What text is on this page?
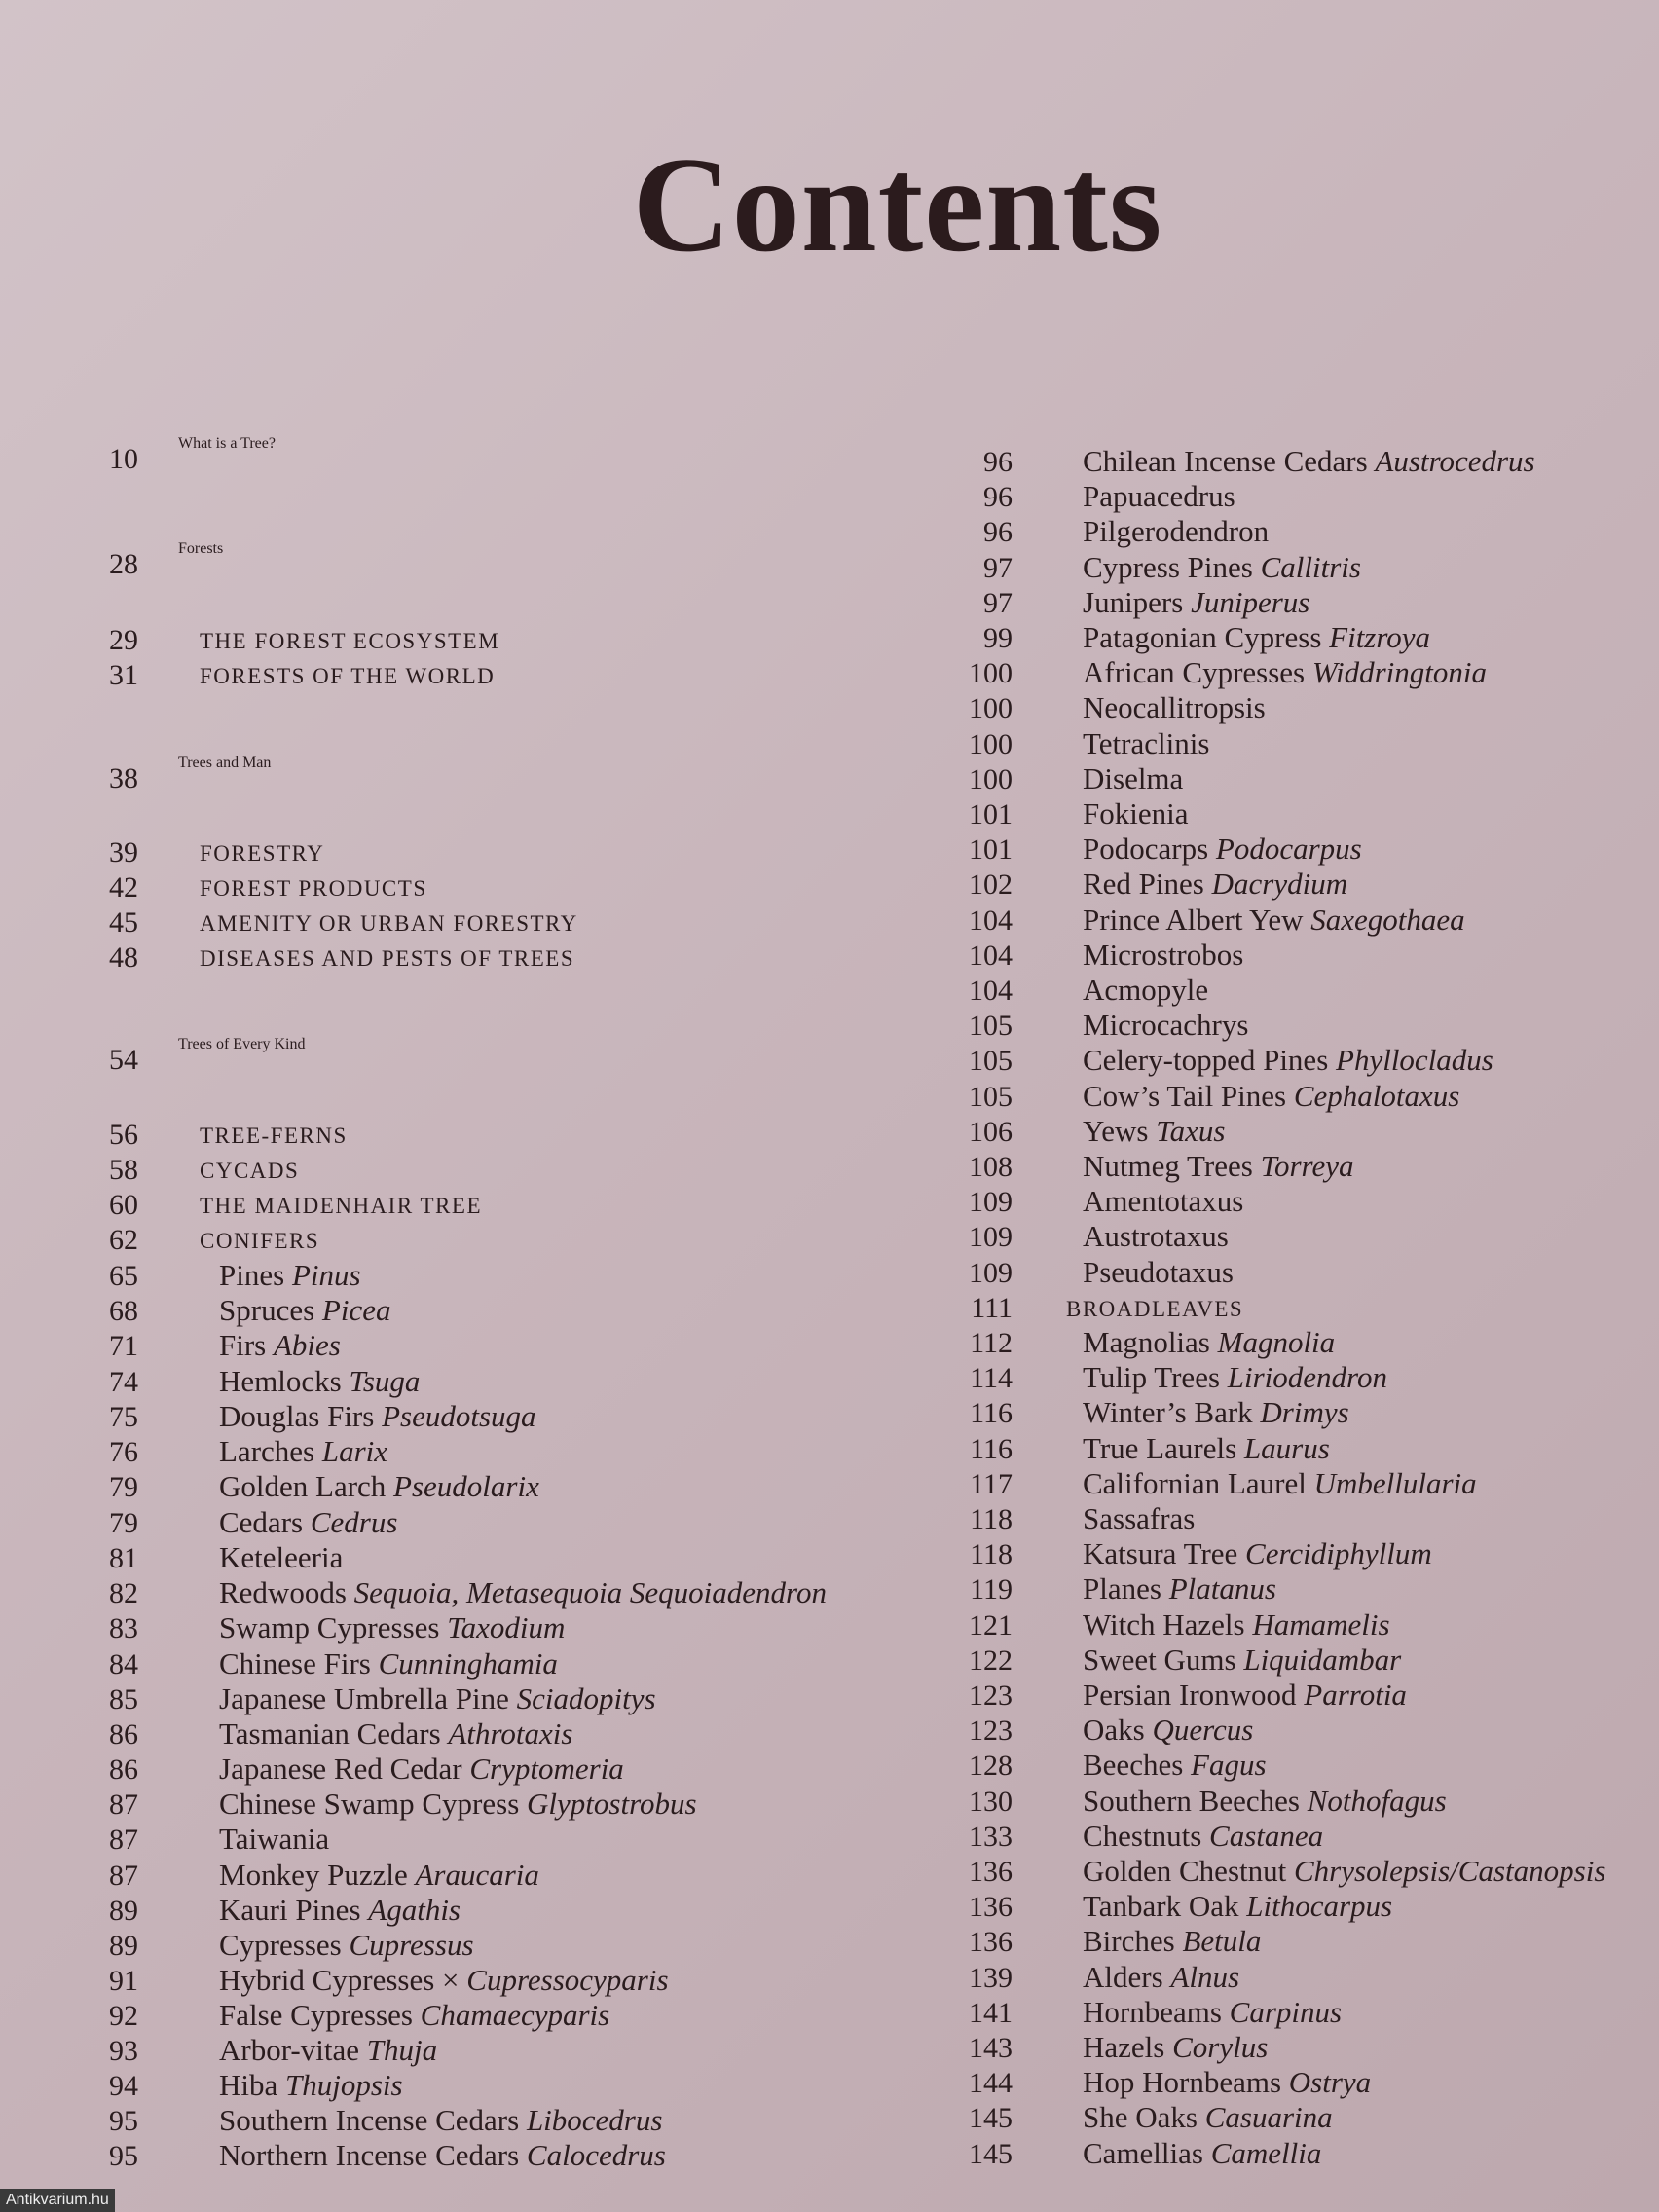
Contents
10	What is a Tree?
28	Forests
29	THE FOREST ECOSYSTEM
31	FORESTS OF THE WORLD
38	Trees and Man
39	FORESTRY
42	FOREST PRODUCTS
45	AMENITY OR URBAN FORESTRY
48	DISEASES AND PESTS OF TREES
54	Trees of Every Kind
56	TREE-FERNS
58	CYCADS
60	THE MAIDENHAIR TREE
62	CONIFERS
65	Pines Pinus
68	Spruces Picea
71	Firs Abies
74	Hemlocks Tsuga
75	Douglas Firs Pseudotsuga
76	Larches Larix
79	Golden Larch Pseudolarix
79	Cedars Cedrus
81	Keteleeria
82	Redwoods Sequoia, Metasequoia Sequoiadendron
83	Swamp Cypresses Taxodium
84	Chinese Firs Cunninghamia
85	Japanese Umbrella Pine Sciadopitys
86	Tasmanian Cedars Athrotaxis
86	Japanese Red Cedar Cryptomeria
87	Chinese Swamp Cypress Glyptostrobus
87	Taiwania
87	Monkey Puzzle Araucaria
89	Kauri Pines Agathis
89	Cypresses Cupressus
91	Hybrid Cypresses × Cupressocyparis
92	False Cypresses Chamaecyparis
93	Arbor-vitae Thuja
94	Hiba Thujopsis
95	Southern Incense Cedars Libocedrus
95	Northern Incense Cedars Calocedrus
96 Chilean Incense Cedars Austrocedrus
96 Papuacedrus
96 Pilgerodendron
97 Cypress Pines Callitris
97 Junipers Juniperus
99 Patagonian Cypress Fitzroya
100 African Cypresses Widdringtonia
100 Neocallitropsis
100 Tetraclinis
100 Diselma
101 Fokienia
101 Podocarps Podocarpus
102 Red Pines Dacrydium
104 Prince Albert Yew Saxegothaea
104 Microstrobos
104 Acmopyle
105 Microcachrys
105 Celery-topped Pines Phyllocladus
105 Cow’s Tail Pines Cephalotaxus
106 Yews Taxus
108 Nutmeg Trees Torreya
109 Amentotaxus
109 Austrotaxus
109 Pseudotaxus
111 BROADLEAVES
112 Magnolias Magnolia
114 Tulip Trees Liriodendron
116 Winter’s Bark Drimys
116 True Laurels Laurus
117 Californian Laurel Umbellularia
118 Sassafras
118 Katsura Tree Cercidiphyllum
119 Planes Platanus
121 Witch Hazels Hamamelis
122 Sweet Gums Liquidambar
123 Persian Ironwood Parrotia
123 Oaks Quercus
128 Beeches Fagus
130 Southern Beeches Nothofagus
133 Chestnuts Castanea
136 Golden Chestnut Chrysolepsis/Castanopsis
136 Tanbark Oak Lithocarpus
136 Birches Betula
139 Alders Alnus
141 Hornbeams Carpinus
143 Hazels Corylus
144 Hop Hornbeams Ostrya
145 She Oaks Casuarina
145 Camellias Camellia
Antikvarium.hu
